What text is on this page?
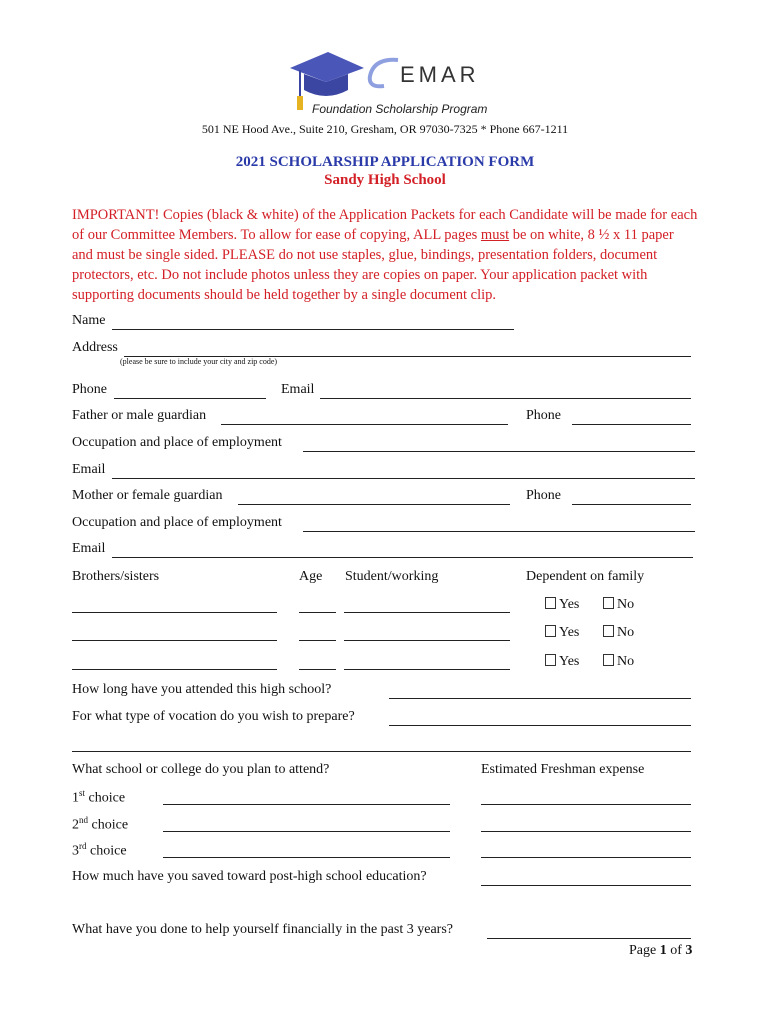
EMAR
Foundation Scholarship Program
501 NE Hood Ave., Suite 210, Gresham, OR 97030-7325 * Phone 667-1211
2021 SCHOLARSHIP APPLICATION FORM
Sandy High School
IMPORTANT! Copies (black & white) of the Application Packets for each Candidate will be made for each of our Committee Members. To allow for ease of copying, ALL pages must be on white, 8 ½ x 11 paper and must be single sided. PLEASE do not use staples, glue, bindings, presentation folders, document protectors, etc. Do not include photos unless they are copies on paper. Your application packet with supporting documents should be held together by a single document clip.
Name
Address
(please be sure to include your city and zip code)
Phone	Email
Father or male guardian	Phone
Occupation and place of employment
Email
Mother or female guardian	Phone
Occupation and place of employment
Email
Brothers/sisters	Age Student/working	Dependent on family
Yes	No
Yes	No
Yes	No
How long have you attended this high school?
For what type of vocation do you wish to prepare?
What school or college do you plan to attend?	Estimated Freshman expense
1st choice
2nd choice
3rd choice
How much have you saved toward post-high school education?
What have you done to help yourself financially in the past 3 years?
Page 1 of 3
